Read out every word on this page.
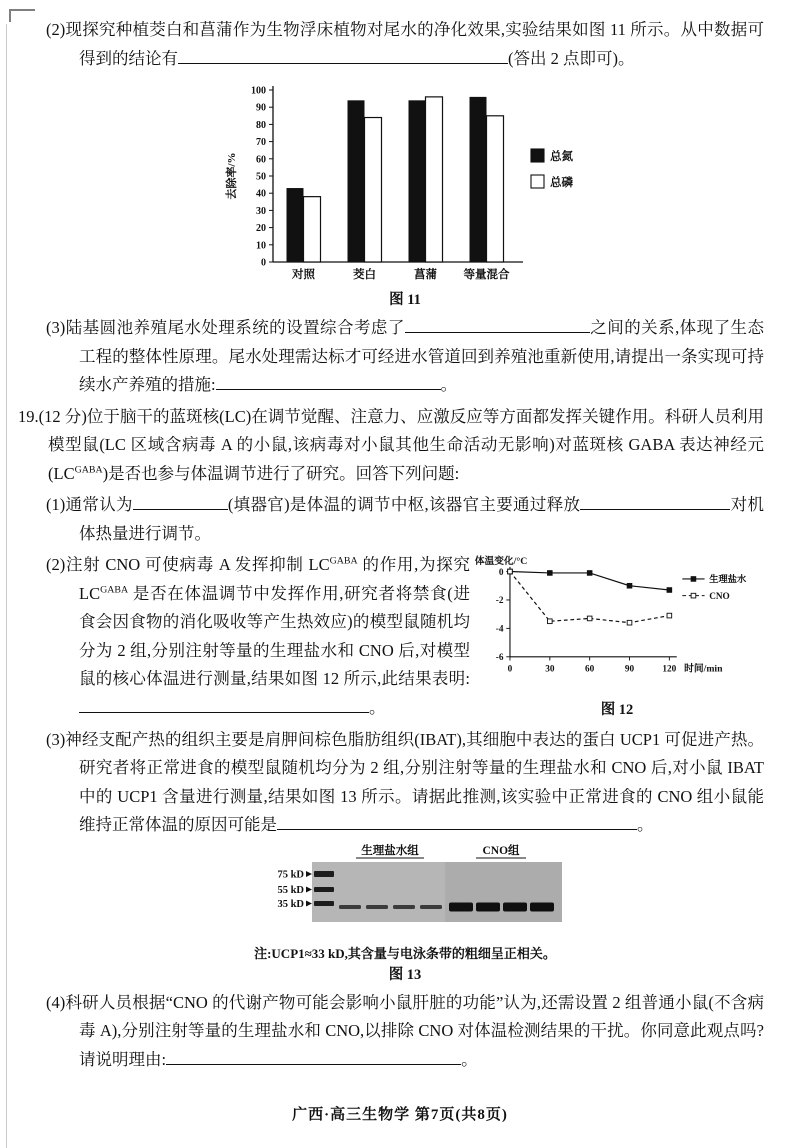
(2)现探究种植茭白和菖蒲作为生物浮床植物对尾水的净化效果,实验结果如图 11 所示。从中数据可得到的结论有	(答出 2 点即可)。
0
10
20
30
40
50
60
70
80
90
100
去除率/%
对照	茭白	菖蒲 等量混合
总氮
总磷
图 11
(3)陆基圆池养殖尾水处理系统的设置综合考虑了	之间的关系,体现了生态工程的整体性原理。尾水处理需达标才可经进水管道回到养殖池重新使用,请提出一条实现可持续水产养殖的措施:	。
19.(12 分)位于脑干的蓝斑核(LC)在调节觉醒、注意力、应激反应等方面都发挥关键作用。科研人员利用模型鼠(LC 区域含病毒 A 的小鼠,该病毒对小鼠其他生命活动无影响)对蓝斑核 GABA 表达神经元$(LC^{GABA})$是否也参与体温调节进行了研究。回答下列问题:
(1)通常认为	(填器官)是体温的调节中枢,该器官主要通过释放	对机体热量进行调节。
(2)注射 CNO 可使病毒 A 发挥抑制 $LC^{GABA}$ 的作用,为探究 $LC^{GABA}$ 是否在体温调节中发挥作用,研究者将禁食(进食会因食物的消化吸收等产生热效应)的模型鼠随机均分为 2 组,分别注射等量的生理盐水和 CNO 后,对模型鼠的核心体温进行测量,结果如图 12 所示,此结果表明:。
体温变化/°C
0
-2
-4
-6
0	30	60	90	120 时间/min
生理盐水
CNO
图 12
(3)神经支配产热的组织主要是肩胛间棕色脂肪组织(IBAT),其细胞中表达的蛋白 UCP1 可促进产热。研究者将正常进食的模型鼠随机均分为 2 组,分别注射等量的生理盐水和 CNO 后,对小鼠 IBAT 中的 UCP1 含量进行测量,结果如图 13 所示。请据此推测,该实验中正常进食的 CNO 组小鼠能维持正常体温的原因可能是	。
生理盐水组	CNO组
75 kD
55 kD
35 kD
注:UCP1≈33 kD,其含量与电泳条带的粗细呈正相关。
图 13
(4)科研人员根据“CNO 的代谢产物可能会影响小鼠肝脏的功能”认为,还需设置 2 组普通小鼠(不含病毒 A),分别注射等量的生理盐水和 CNO,以排除 CNO 对体温检测结果的干扰。你同意此观点吗?请说明理由:	。
广西·高三生物学 第7页(共8页)
